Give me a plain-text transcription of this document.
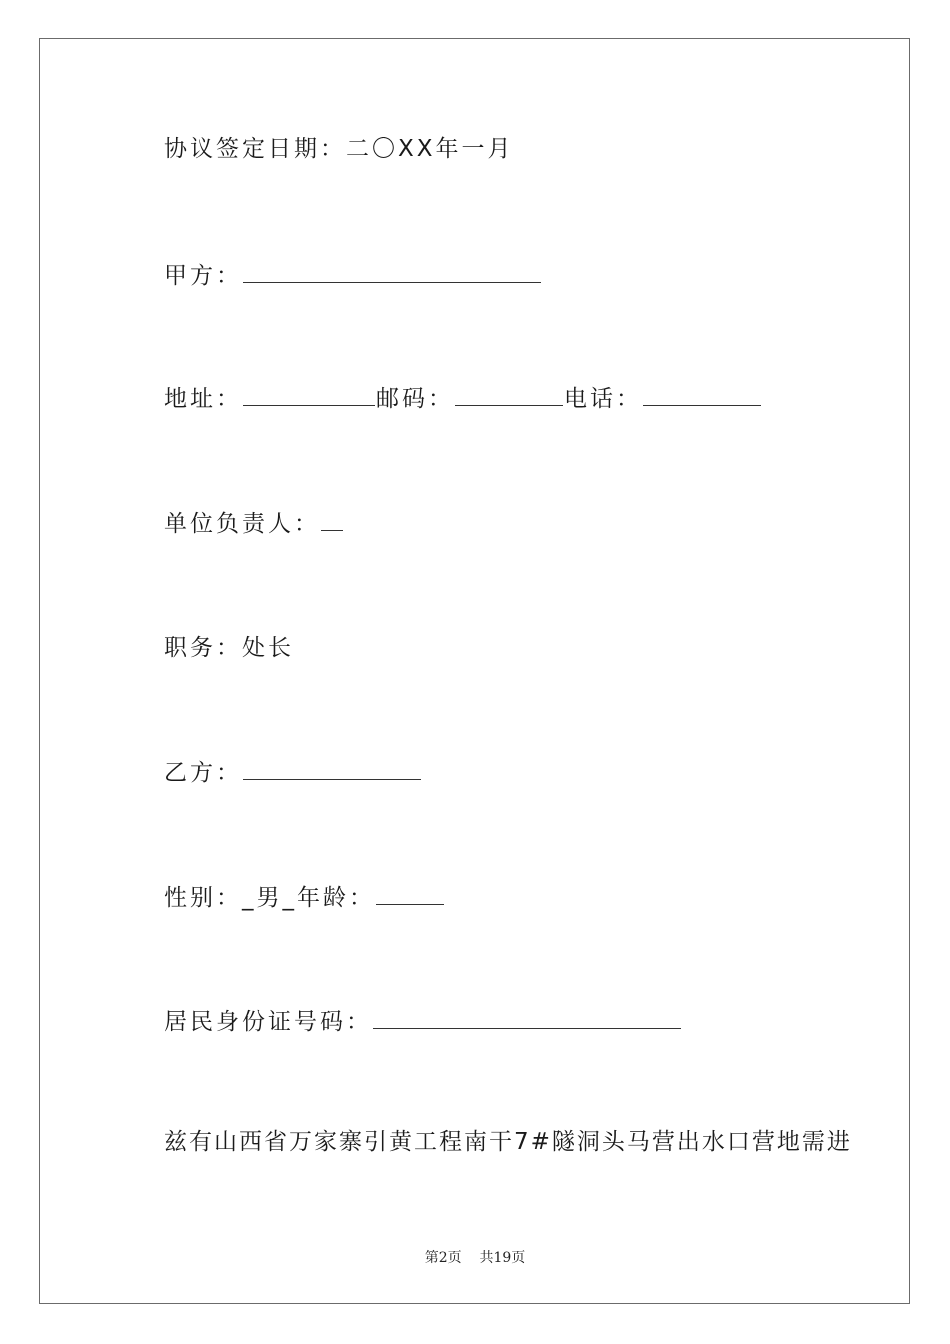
协议签定日期：二〇XX年一月
甲方：
地址：	邮码：	电话：
单位负责人：
职务：处长
乙方：
性别：_男_年龄：
居民身份证号码：
兹有山西省万家寨引黄工程南干7#隧洞头马营出水口营地需进
第2页 共19页
